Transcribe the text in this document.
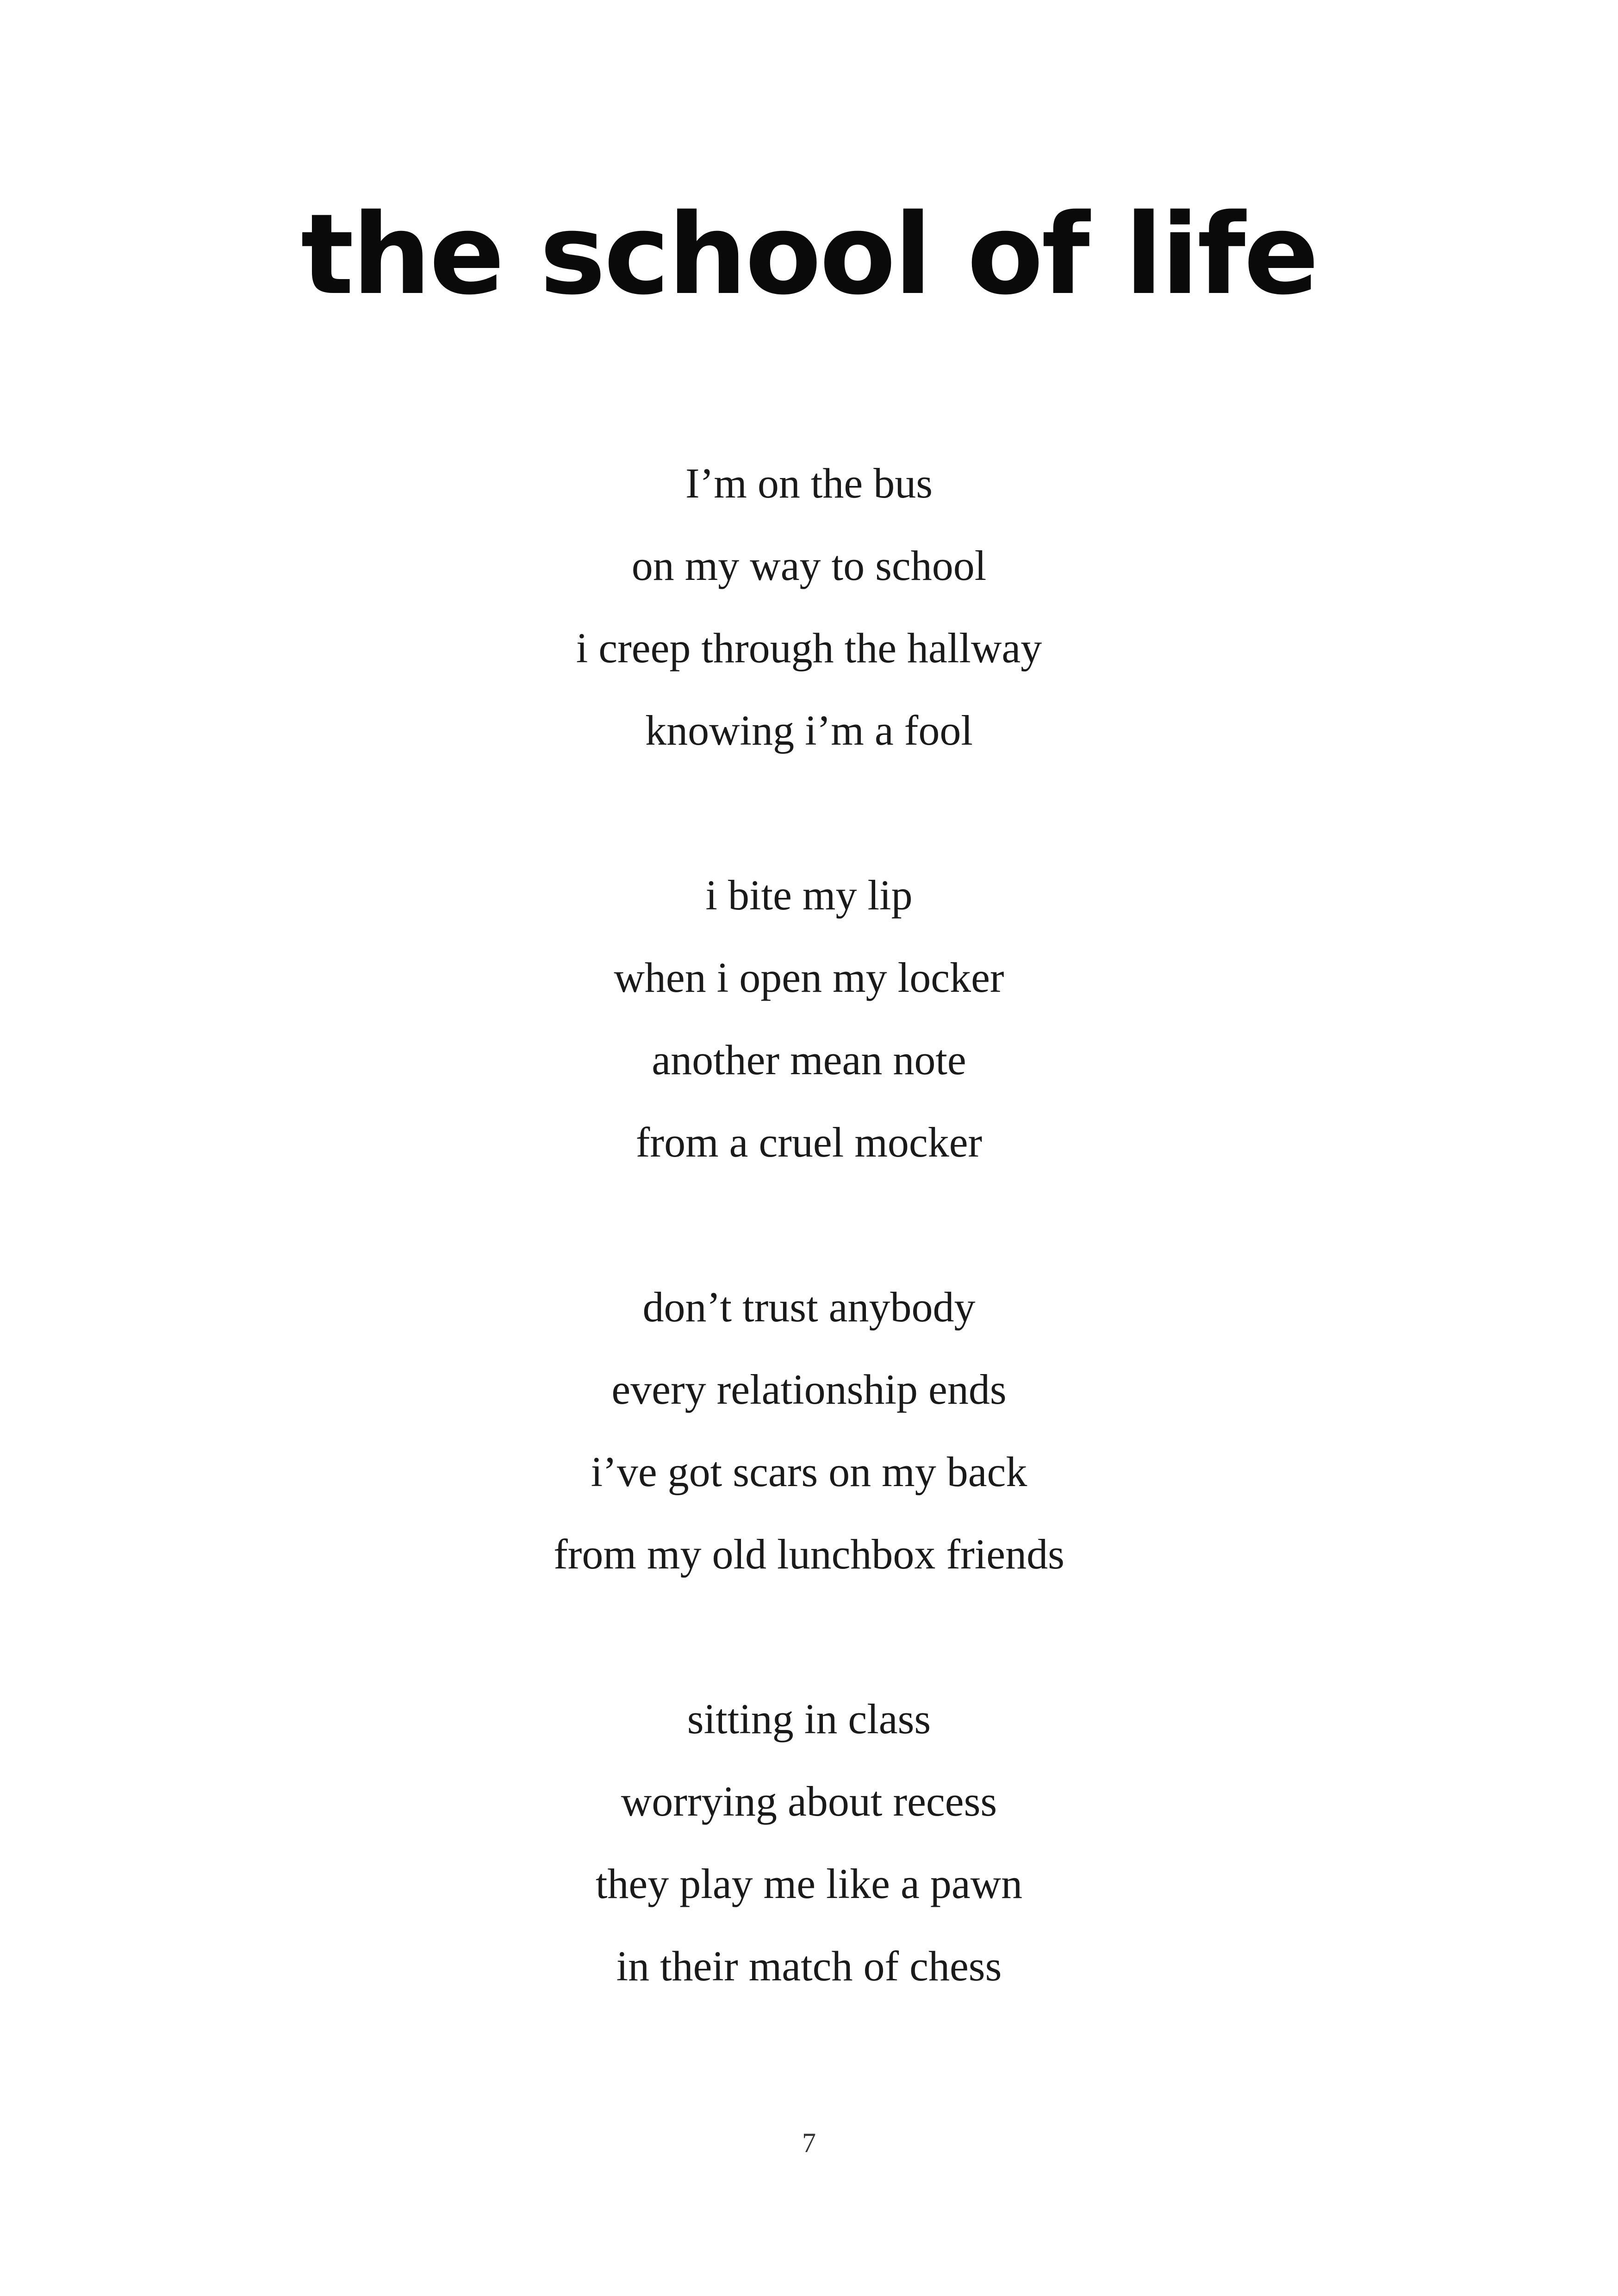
the school of life
I’m on the bus
on my way to school
i creep through the hallway
knowing i’m a fool
i bite my lip
when i open my locker
another mean note
from a cruel mocker
don’t trust anybody
every relationship ends
i’ve got scars on my back
from my old lunchbox friends
sitting in class
worrying about recess
they play me like a pawn
in their match of chess
7
